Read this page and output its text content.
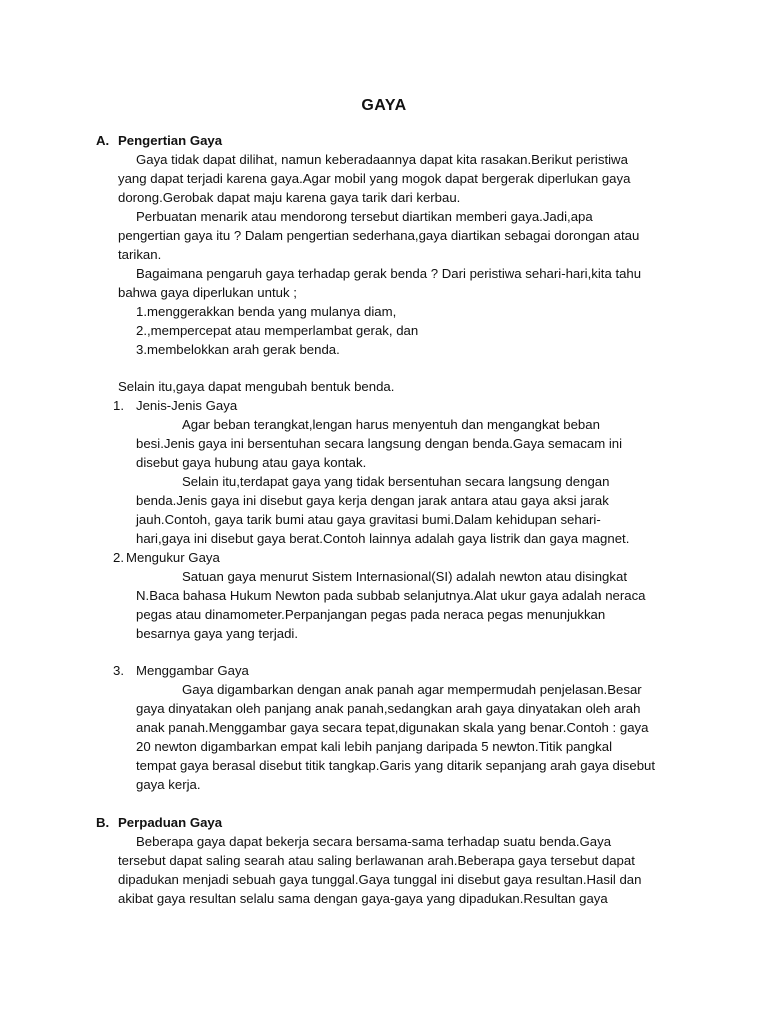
GAYA
A. Pengertian Gaya
Gaya tidak dapat dilihat, namun keberadaannya dapat kita rasakan.Berikut peristiwa
yang dapat terjadi karena gaya.Agar mobil yang mogok dapat bergerak diperlukan gaya
dorong.Gerobak dapat maju karena gaya tarik dari kerbau.
Perbuatan menarik atau mendorong tersebut diartikan memberi gaya.Jadi,apa
pengertian gaya itu ? Dalam pengertian sederhana,gaya diartikan sebagai dorongan atau
tarikan.
Bagaimana pengaruh gaya terhadap gerak benda ? Dari peristiwa sehari-hari,kita tahu
bahwa gaya diperlukan untuk ;
1.menggerakkan benda yang mulanya diam,
2.,mempercepat atau memperlambat gerak, dan
3.membelokkan arah gerak benda.
Selain itu,gaya dapat mengubah bentuk benda.
1. Jenis-Jenis Gaya
Agar beban terangkat,lengan harus menyentuh dan mengangkat beban
besi.Jenis gaya ini bersentuhan secara langsung dengan benda.Gaya semacam ini
disebut gaya hubung atau gaya kontak.
Selain itu,terdapat gaya yang tidak bersentuhan secara langsung dengan
benda.Jenis gaya ini disebut gaya kerja dengan jarak antara atau gaya aksi jarak
jauh.Contoh, gaya tarik bumi atau gaya gravitasi bumi.Dalam kehidupan sehari-
hari,gaya ini disebut gaya berat.Contoh lainnya adalah gaya listrik dan gaya magnet.
2. Mengukur Gaya
Satuan gaya menurut Sistem Internasional(SI) adalah newton atau disingkat
N.Baca bahasa Hukum Newton pada subbab selanjutnya.Alat ukur gaya adalah neraca
pegas atau dinamometer.Perpanjangan pegas pada neraca pegas menunjukkan
besarnya gaya yang terjadi.
3. Menggambar Gaya
Gaya digambarkan dengan anak panah agar mempermudah penjelasan.Besar
gaya dinyatakan oleh panjang anak panah,sedangkan arah gaya dinyatakan oleh arah
anak panah.Menggambar gaya secara tepat,digunakan skala yang benar.Contoh : gaya
20 newton digambarkan empat kali lebih panjang daripada 5 newton.Titik pangkal
tempat gaya berasal disebut titik tangkap.Garis yang ditarik sepanjang arah gaya disebut
gaya kerja.
B. Perpaduan Gaya
Beberapa gaya dapat bekerja secara bersama-sama terhadap suatu benda.Gaya
tersebut dapat saling searah atau saling berlawanan arah.Beberapa gaya tersebut dapat
dipadukan menjadi sebuah gaya tunggal.Gaya tunggal ini disebut gaya resultan.Hasil dan
akibat gaya resultan selalu sama dengan gaya-gaya yang dipadukan.Resultan gaya
